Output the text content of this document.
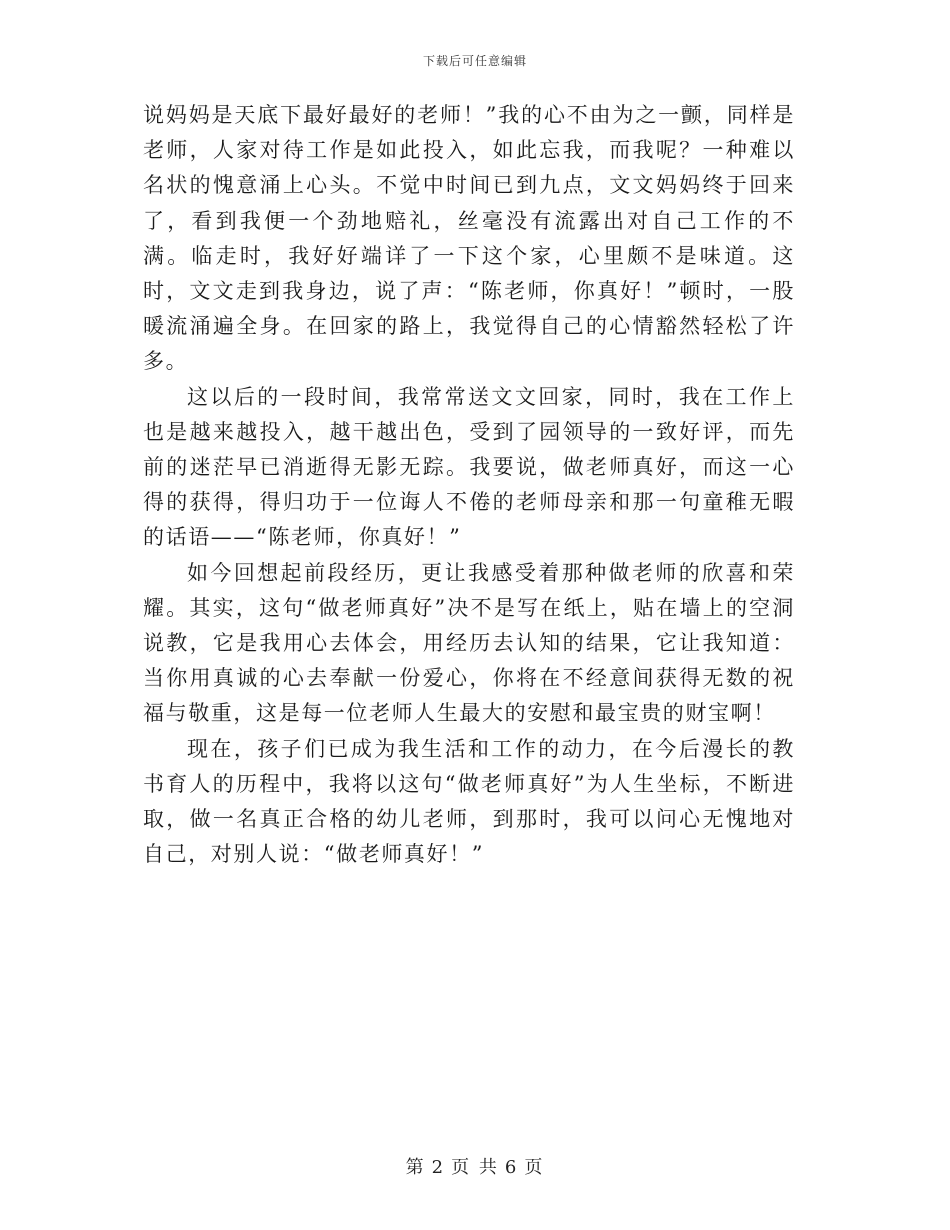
下载后可任意编辑

说妈妈是天底下最好最好的老师！”我的心不由为之一颤，同样是老师，人家对待工作是如此投入，如此忘我，而我呢？一种难以名状的愧意涌上心头。不觉中时间已到九点，文文妈妈终于回来了，看到我便一个劲地赔礼，丝毫没有流露出对自己工作的不满。临走时，我好好端详了一下这个家，心里颇不是味道。这时，文文走到我身边，说了声：“陈老师，你真好！”顿时，一股暖流涌遍全身。在回家的路上，我觉得自己的心情豁然轻松了许多。

这以后的一段时间，我常常送文文回家，同时，我在工作上也是越来越投入，越干越出色，受到了园领导的一致好评，而先前的迷茫早已消逝得无影无踪。我要说，做老师真好，而这一心得的获得，得归功于一位诲人不倦的老师母亲和那一句童稚无暇的话语——“陈老师，你真好！”

如今回想起前段经历，更让我感受着那种做老师的欣喜和荣耀。其实，这句“做老师真好”决不是写在纸上，贴在墙上的空洞说教，它是我用心去体会，用经历去认知的结果，它让我知道：当你用真诚的心去奉献一份爱心，你将在不经意间获得无数的祝福与敬重，这是每一位老师人生最大的安慰和最宝贵的财宝啊！

现在，孩子们已成为我生活和工作的动力，在今后漫长的教书育人的历程中，我将以这句“做老师真好”为人生坐标，不断进取，做一名真正合格的幼儿老师，到那时，我可以问心无愧地对自己，对别人说：“做老师真好！”

第 2 页 共 6 页
